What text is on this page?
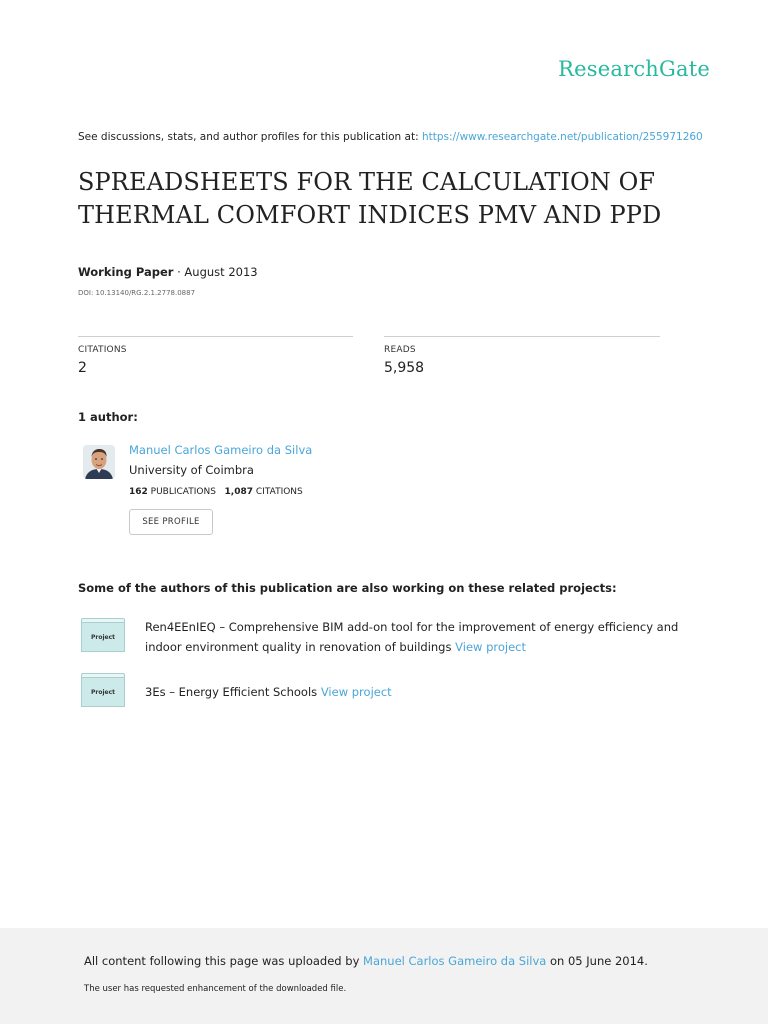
ResearchGate
See discussions, stats, and author profiles for this publication at: https://www.researchgate.net/publication/255971260
SPREADSHEETS FOR THE CALCULATION OF
THERMAL COMFORT INDICES PMV AND PPD
Working Paper · August 2013
DOI: 10.13140/RG.2.1.2778.0887
CITATIONS
2
READS
5,958
1 author:
Manuel Carlos Gameiro da Silva
University of Coimbra
162 PUBLICATIONS 1,087 CITATIONS
SEE PROFILE
Some of the authors of this publication are also working on these related projects:
Project
Ren4EEnIEQ – Comprehensive BIM add-on tool for the improvement of energy efficiency and indoor environment quality in renovation of buildings View project
Project	3Es – Energy Efficient Schools View project
All content following this page was uploaded by Manuel Carlos Gameiro da Silva on 05 June 2014.
The user has requested enhancement of the downloaded file.
